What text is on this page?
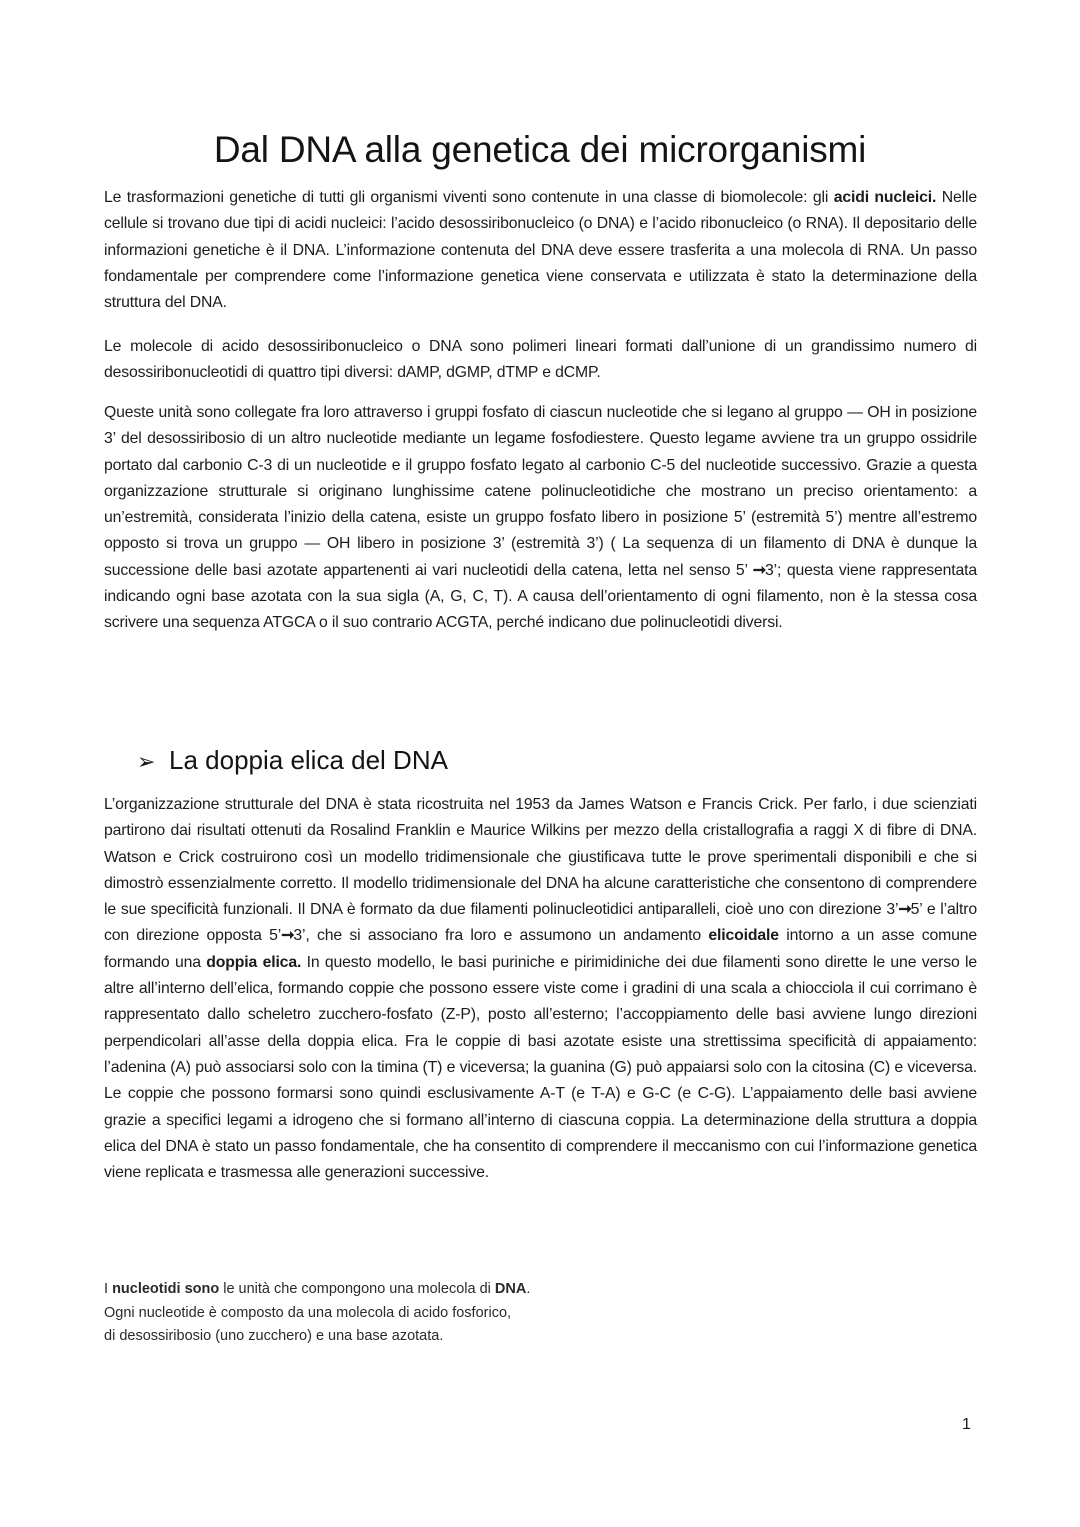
Dal DNA alla genetica dei microrganismi

Le trasformazioni genetiche di tutti gli organismi viventi sono contenute in una classe di biomolecole: gli acidi nucleici. Nelle cellule si trovano due tipi di acidi nucleici: l’acido desossiribonucleico (o DNA) e l’acido ribonucleico (o RNA). Il depositario delle informazioni genetiche è il DNA. L’informazione contenuta del DNA deve essere trasferita a una molecola di RNA. Un passo fondamentale per comprendere come l’informazione genetica viene conservata e utilizzata è stato la determinazione della struttura del DNA.

Le molecole di acido desossiribonucleico o DNA sono polimeri lineari formati dall’unione di un grandissimo numero di desossiribonucleotidi di quattro tipi diversi: dAMP, dGMP, dTMP e dCMP.

Queste unità sono collegate fra loro attraverso i gruppi fosfato di ciascun nucleotide che si legano al gruppo — OH in posizione 3’ del desossiribosio di un altro nucleotide mediante un legame fosfodiestere. Questo legame avviene tra un gruppo ossidrile portato dal carbonio C-3 di un nucleotide e il gruppo fosfato legato al carbonio C-5 del nucleotide successivo. Grazie a questa organizzazione strutturale si originano lunghissime catene polinucleotidiche che mostrano un preciso orientamento: a un’estremità, considerata l’inizio della catena, esiste un gruppo fosfato libero in posizione 5’ (estremità 5’) mentre all’estremo opposto si trova un gruppo — OH libero in posizione 3’ (estremità 3’) ( La sequenza di un filamento di DNA è dunque la successione delle basi azotate appartenenti ai vari nucleotidi della catena, letta nel senso 5’ ➞3’; questa viene rappresentata indicando ogni base azotata con la sua sigla (A, G, C, T). A causa dell’orientamento di ogni filamento, non è la stessa cosa scrivere una sequenza ATGCA o il suo contrario ACGTA, perché indicano due polinucleotidi diversi.

➢ La doppia elica del DNA

L’organizzazione strutturale del DNA è stata ricostruita nel 1953 da James Watson e Francis Crick. Per farlo, i due scienziati partirono dai risultati ottenuti da Rosalind Franklin e Maurice Wilkins per mezzo della cristallografia a raggi X di fibre di DNA. Watson e Crick costruirono così un modello tridimensionale che giustificava tutte le prove sperimentali disponibili e che si dimostrò essenzialmente corretto. Il modello tridimensionale del DNA ha alcune caratteristiche che consentono di comprendere le sue specificità funzionali. Il DNA è formato da due filamenti polinucleotidici antiparalleli, cioè uno con direzione 3’➞5’ e l’altro con direzione opposta 5’➞3’, che si associano fra loro e assumono un andamento elicoidale intorno a un asse comune formando una doppia elica. In questo modello, le basi puriniche e pirimidiniche dei due filamenti sono dirette le une verso le altre all’interno dell’elica, formando coppie che possono essere viste come i gradini di una scala a chiocciola il cui corrimano è rappresentato dallo scheletro zucchero-fosfato (Z-P), posto all’esterno; l’accoppiamento delle basi avviene lungo direzioni perpendicolari all’asse della doppia elica. Fra le coppie di basi azotate esiste una strettissima specificità di appaiamento: l’adenina (A) può associarsi solo con la timina (T) e viceversa; la guanina (G) può appaiarsi solo con la citosina (C) e viceversa. Le coppie che possono formarsi sono quindi esclusivamente A-T (e T-A) e G-C (e C-G). L’appaiamento delle basi avviene grazie a specifici legami a idrogeno che si formano all’interno di ciascuna coppia. La determinazione della struttura a doppia elica del DNA è stato un passo fondamentale, che ha consentito di comprendere il meccanismo con cui l’informazione genetica viene replicata e trasmessa alle generazioni successive.

I nucleotidi sono le unità che compongono una molecola di DNA.
Ogni nucleotide è composto da una molecola di acido fosforico,
di desossiribosio (uno zucchero) e una base azotata.

1
